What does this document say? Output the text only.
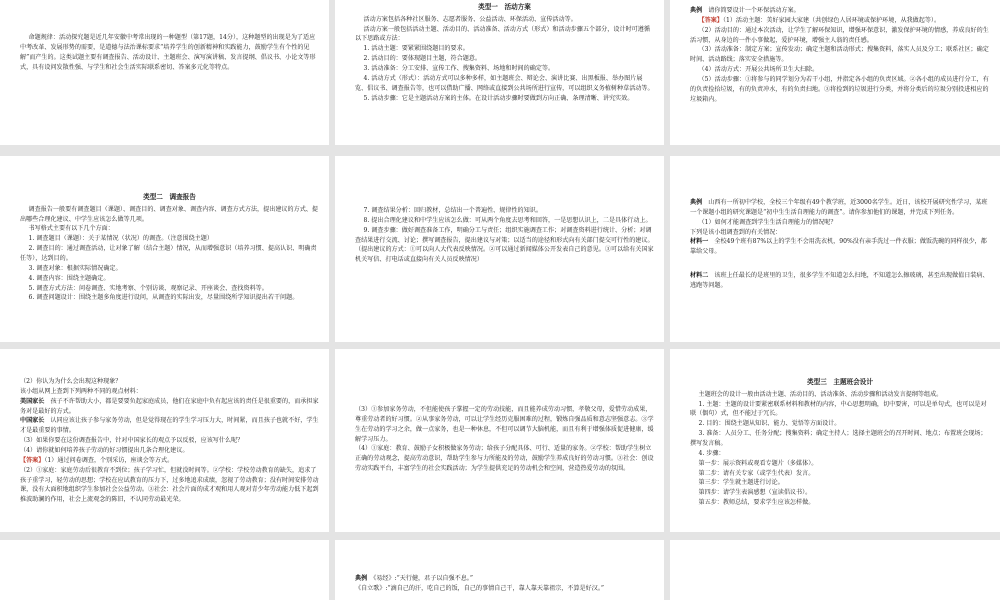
命题规律：活动探究题是近几年安徽中考常出现的一种题型（第17题，14分），这种题型的出现是为了适应中考改革、发展形势的需要，是道德与法治课标要求“培养学生的创新精神和实践能力，鼓励学生有个性的见解”而产生的。这类试题主要有调查报告、活动设计、主题班会、演写演讲稿、发言提纲、倡议书、小论文等形式，具有设问发散性强、与学生和社会生活实际联系密切、答案多元化等特点。

类型一　活动方案

活动方案包括各种社区服务、志愿者服务、公益活动、环保活动、宣传活动等。

活动方案一般包括活动主题、活动目的、活动准备、活动方式（形式）和活动步骤五个部分，设计时可遵循以下思路或方法：

1. 活动主题：要紧紧围绕题目的要求。

2. 活动目的：要体现题目主题，符合题意。

3. 活动准备：分工安排、宣传工作、搜集资料、场地和时间的确定等。

4. 活动方式（形式）：活动方式可以多种多样，如主题班会、辩论会、演讲比赛、出黑板报、举办图片展览、倡议书、调查报告等，也可以借助广播、网络或直接到公共场所进行宣传，可以组织义务植树种草活动等。

5. 活动步骤：它是主题活动方案的主体。在设计活动步骤时要做到方向正确、条理清晰、讲究实效。

典例　 请你简要设计一个环保活动方案。

【答案】（1）活动主题：美好家园大家建（共创绿色人居环境或保护环境，从我做起等）。

（2）活动目的：通过本次活动，让学生了解环保知识，增强环保意识，激发保护环境的情感，养成良好的生活习惯，从身边的一件小事做起，爱护环境，增强主人翁的责任感。

（3）活动准备：制定方案；宣传发动；确定主题和活动形式；搜集资料，落实人员及分工；联系社区；确定时间、活动路线；落实安全措施等。

（4）活动方式：开展公共场所卫生大扫除。

（5）活动步骤：①将参与的同学划分为若干小组，并指定各小组的负责区域。②各小组的成员进行分工，有的负责捡拾垃圾，有的负责冲水，有的负责扫地。③将捡到的垃圾进行分类，并将分类后的垃圾分别投进相应的垃圾箱内。

类型二　调查报告

调查报告一般要有调查题目（课题）、调查目的、调查对象、调查内容、调查方式方法，提出建议的方式、提出哪些合理化建议、中学生应该怎么做等几项。

书写格式主要有以下几个方面：

1. 调查题目（课题）：关于某情况（状况）的调查。（注意围绕主题）

2. 调查目的：通过调查活动，让对象了解（结合主题）情况，从而增强意识（培养习惯、提高认识、明确责任等），达到目的。

3. 调查对象：根据实际情况确定。

4. 调查内容：围绕主题确定。

5. 调查方式方法：问卷调查、实地考察、个别访谈、观察记录、开座谈会、查找资料等。

6. 调查问题设计：围绕主题多角度进行设问，从调查的实际出发，尽量围绕所学知识提出若干问题。

7. 调查结果分析：回归教材，总结出一个普遍性、规律性的知识。

8. 提出合理化建议和中学生应该怎么做：可从两个角度去思考和回答，一是思想认识上，二是具体行动上。

9. 调查步骤：做好调查准备工作，明确分工与责任；组织实施调查工作；对调查资料进行统计、分析；对调查结果进行交流、讨论；撰写调查报告，提出建议与对策；以适当的途径和形式向有关部门提交可行性的建议。（提出建议的方式：①可以向人大代表反映情况。②可以通过新闻媒体公开发表自己的意见。③可以给有关国家机关写信、打电话或直接向有关人员反映情况）

典例　 山西有一所初中学校，全校三个年级有49个教学班，近3000名学生。近日，该校开展研究性学习，某班一个课题小组的研究课题是“初中生生活自理能力的调查”。请你参加他们的课题，并完成下列任务。

（1）如何才能调查到学生生活自理能力的情况呢？

下列是该小组调查到的有关情况：

材料一　 全校49个班有87%以上的学生不会用洗衣机，90%没有亲手洗过一件衣服；做饭洗碗的同样很少，都靠给父母。

材料二　 该班上任最长的是班里的卫生，很多学生不知道怎么扫地，不知道怎么擦玻璃，甚至出现做值日装病、逃跑等问题。

（2）你认为为什么会出现这种现象？

该小组从网上查到下列两种不同的观点材料：

美国家长　 孩子不许帮助大小，都是要要负起家庭成员，他们在家庭中负有起应该的责任是很重要的，而承担家务对是最好的方式。

中国家长　 认同应该让孩子参与家务劳动，但是觉得现在的学生学习压力大，时间紧，而且孩子也就不好，学生才是最重要的事情。

（3）如果你要在这份调查报告中，针对中国家长的观点予以反驳，应该写什么呢？

（4）请你就如何培养孩子劳动的好习惯提出几条合理化建议。

【答案】（1）通过问卷调查，个别采访，座谈会等方式。

（2）①家庭：家庭劳动后很教育不到位；孩子学习忙，但就没时间等。②学校：学校劳动教育的缺失，追求了孩子重学习，轻劳动的思想；学校在应试教育的压力下，过多地追求成绩，忽视了劳动教育；没有时间安排劳动课，没有大面积地组织学生参加社会公益劳动。③社会：社会片面的成才观和用人观对青少年劳动能力低下起到推波助澜的作用，社会上流观念的陈旧，不认同劳动最光荣。

（3）①参加家务劳动，不但能使孩子掌握一定的劳动技能，而且能养成劳动习惯，孝敬父母，爱惜劳动成果，尊重劳动者的好习惯。②从事家务劳动，可以让学生经历克服困难的过程，锻炼自强品质和意志坚强意志。③学生在劳动的学习之余，做一点家务，也是一种休息，不但可以调节大脑机能，而且有利于增强体质促进健康，缓解学习压力。

（4）①家庭：教育、鼓励子女积极做家务劳动；给孩子分配具体、可行、适量的家务。②学校：帮助学生树立正确的劳动观念，提高劳动意识，帮助学生参与力所能及的劳动，鼓励学生养成良好的劳动习惯。③社会：创设劳动实践平台，丰富学生的社会实践活动；为学生提供充足的劳动机会和空间，营造热爱劳动的氛围。

类型三　主题班会设计

主题班会的设计一般由活动主题、活动目的、活动准备、活动步骤和活动发言提纲等组成。

1. 主题：主题的设计要紧密联系材料和教材的内容，中心思想明确，切中要害，可以是单句式，也可以是对联（偶句）式，但不能过于冗长。

2. 目的：围绕主题从知识、能力、觉悟等方面设计。

3. 准备：人员分工、任务分配；搜集资料；确定主持人；选择主题班会的召开时间、地点；布置班会现场；撰写发言稿。

4. 步骤：

第一步：展示资料或观看专题片（多媒体）。

第二步：请有关专家（或学生代表）发言。

第三步：学生就主题进行讨论。

第四步：请学生表演感想（宣读倡议书）。

第五步：教师总结，要求学生应该怎样做。

典例　 《易经》:“天行健，君子以自强不息。”

《自立歌》:“滴自己的汗，吃自己的饭，自己的事情自己干，靠人靠天靠祖宗，不算是好汉。”
